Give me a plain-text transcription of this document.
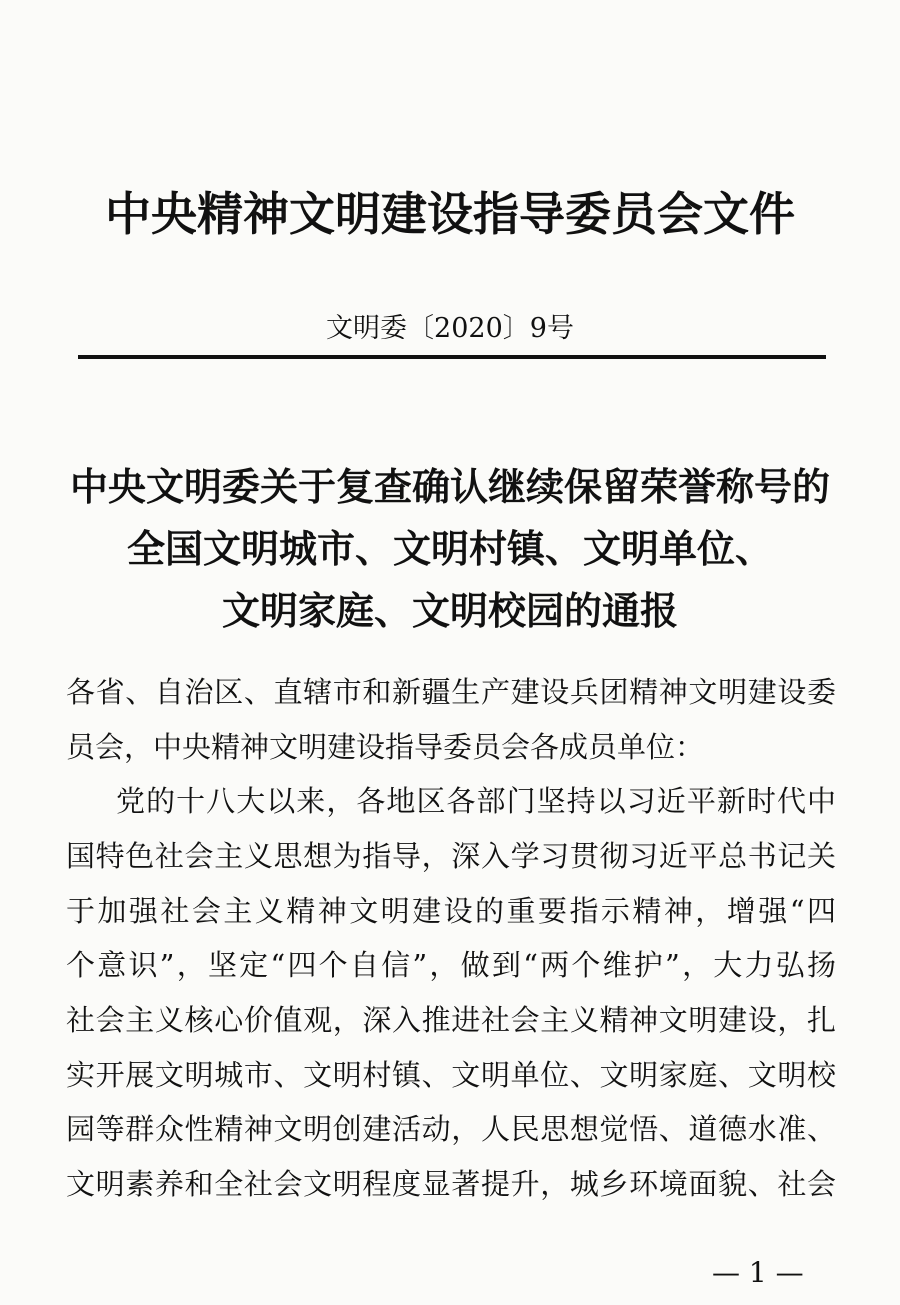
中央精神文明建设指导委员会文件
文明委〔2020〕9号
中央文明委关于复查确认继续保留荣誉称号的
全国文明城市、文明村镇、文明单位、
文明家庭、文明校园的通报
各省、自治区、直辖市和新疆生产建设兵团精神文明建设委
员会，中央精神文明建设指导委员会各成员单位：
　党的十八大以来，各地区各部门坚持以习近平新时代中
国特色社会主义思想为指导，深入学习贯彻习近平总书记关
于加强社会主义精神文明建设的重要指示精神，增强“四
个意识”，坚定“四个自信”，做到“两个维护”，大力弘扬
社会主义核心价值观，深入推进社会主义精神文明建设，扎
实开展文明城市、文明村镇、文明单位、文明家庭、文明校
园等群众性精神文明创建活动，人民思想觉悟、道德水准、
文明素养和全社会文明程度显著提升，城乡环境面貌、社会
— 1 —
